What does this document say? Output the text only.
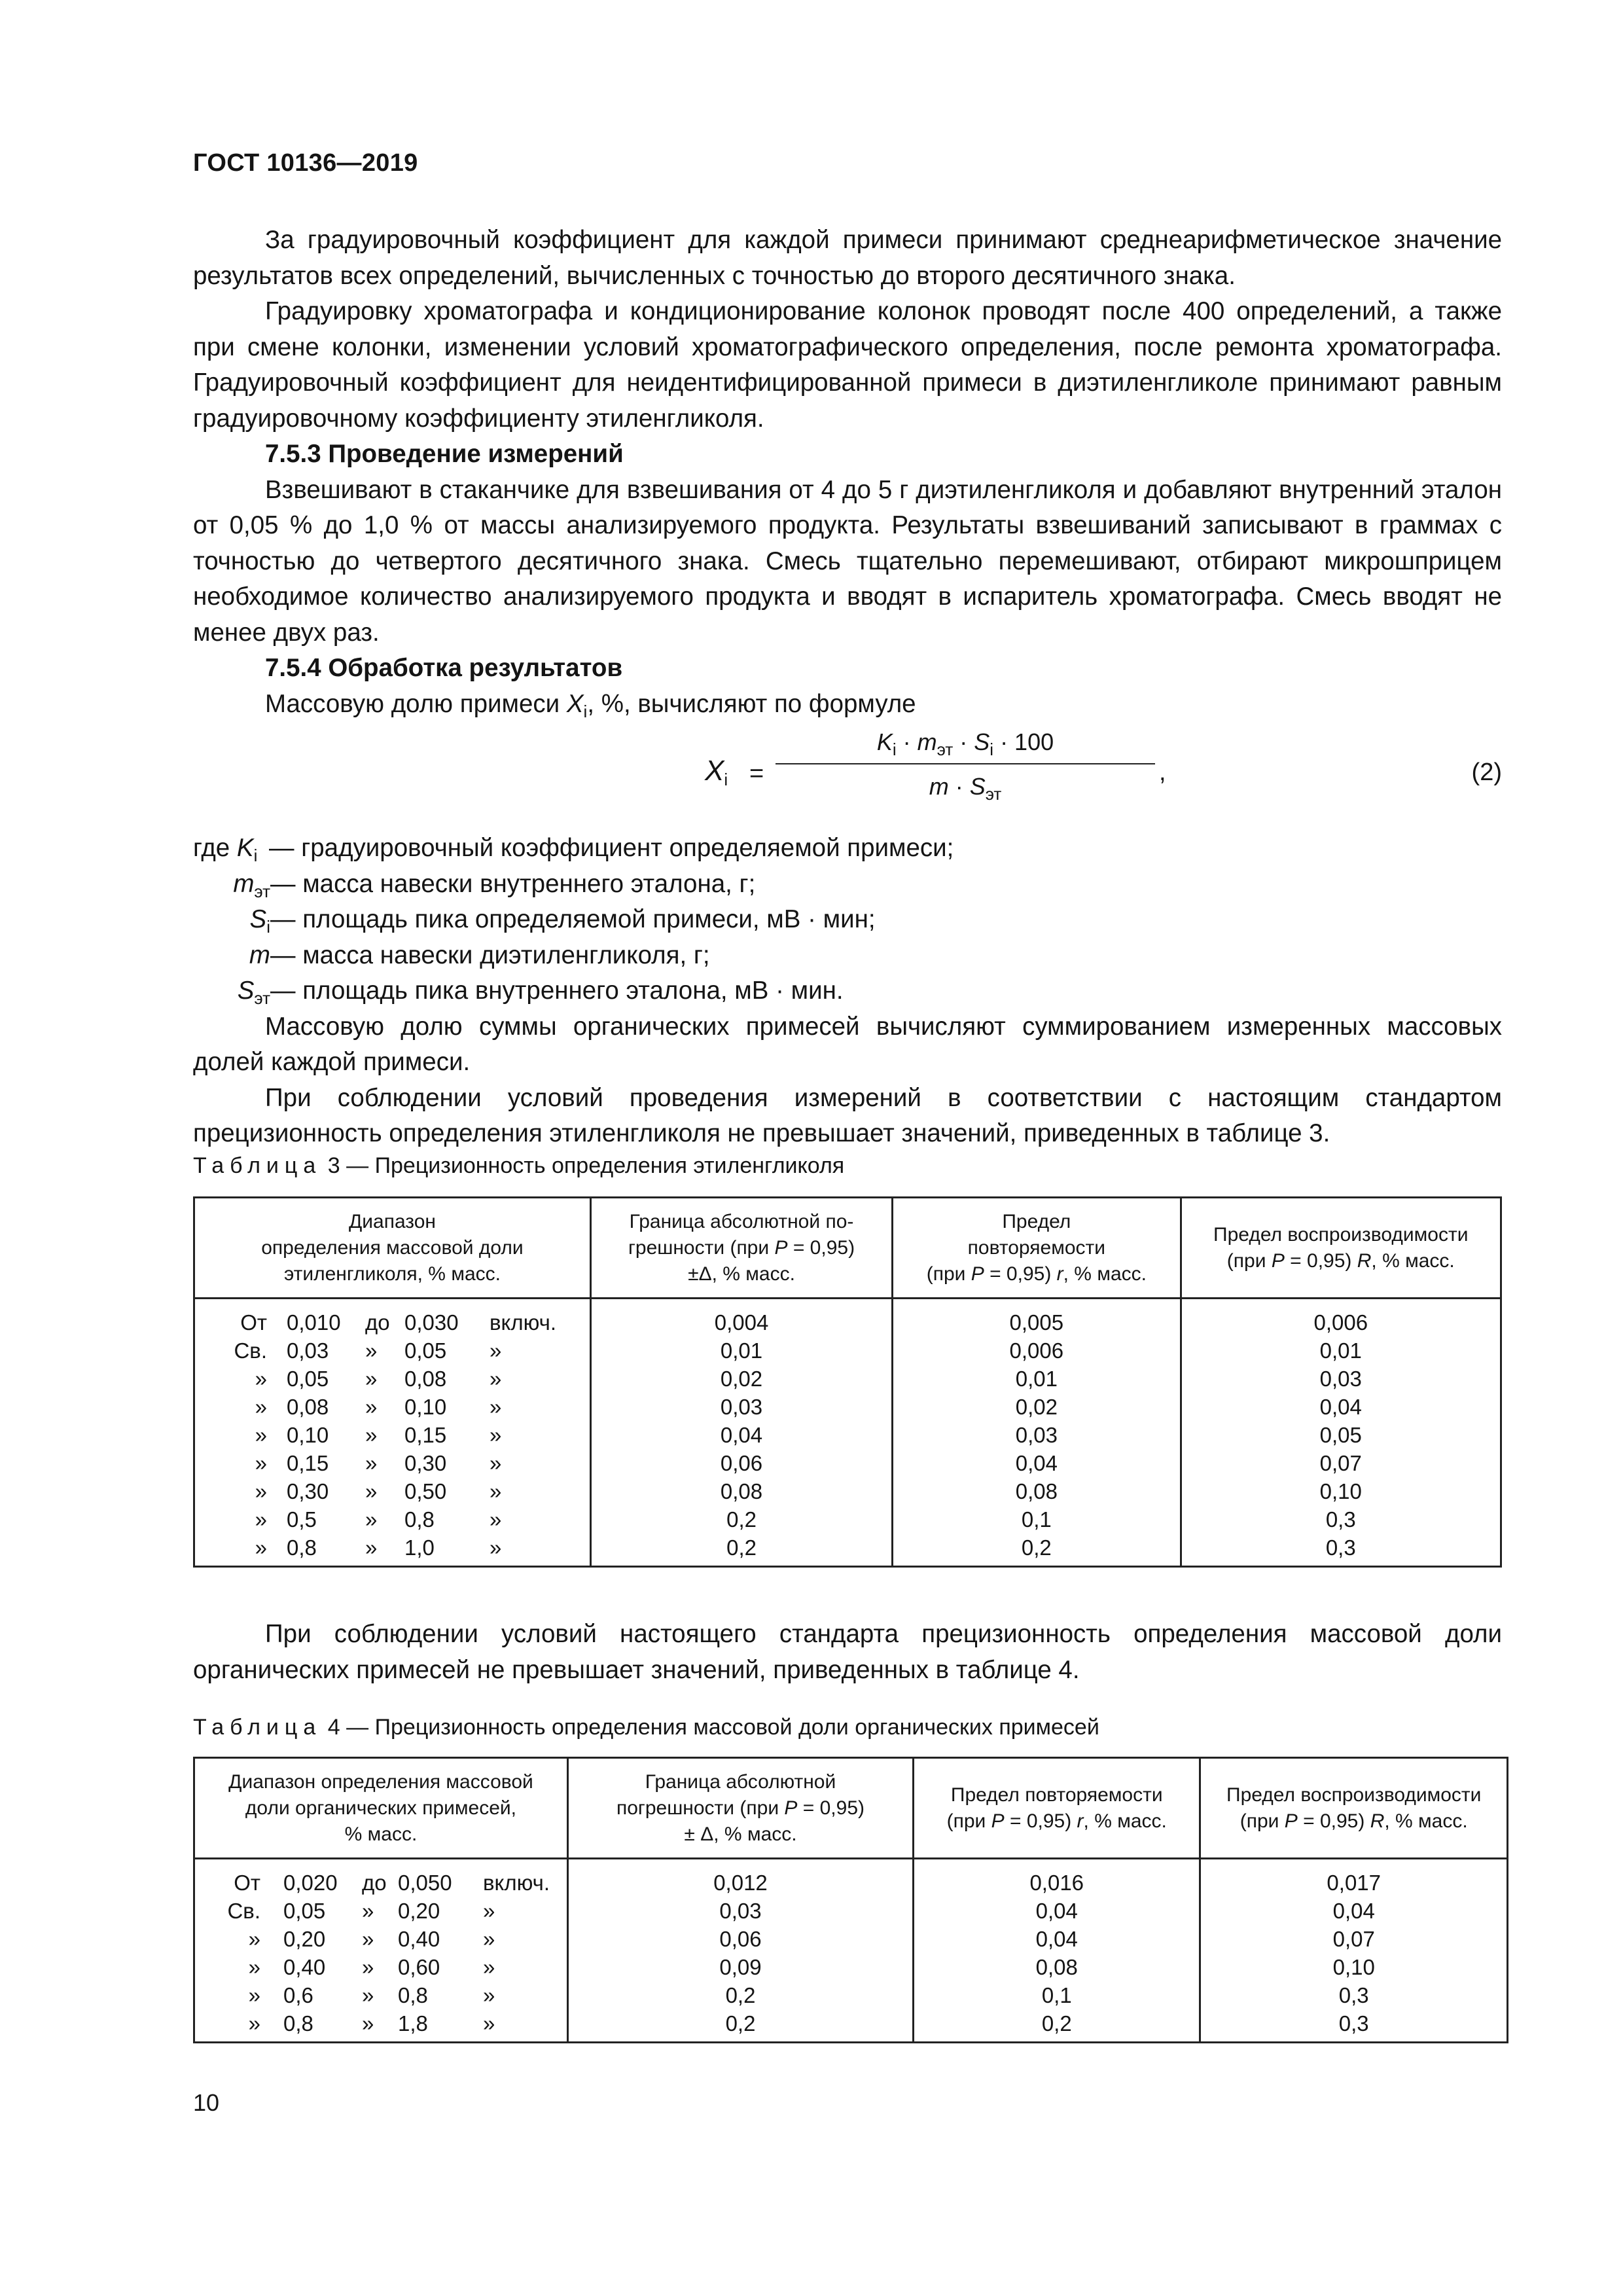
ГОСТ 10136—2019

За градуировочный коэффициент для каждой примеси принимают среднеарифметическое значение результатов всех определений, вычисленных с точностью до второго десятичного знака.

Градуировку хроматографа и кондиционирование колонок проводят после 400 определений, а также при смене колонки, изменении условий хроматографического определения, после ремонта хроматографа. Градуировочный коэффициент для неидентифицированной примеси в диэтиленгликоле принимают равным градуировочному коэффициенту этиленгликоля.

7.5.3 Проведение измерений

Взвешивают в стаканчике для взвешивания от 4 до 5 г диэтиленгликоля и добавляют внутренний эталон от 0,05 % до 1,0 % от массы анализируемого продукта. Результаты взвешиваний записывают в граммах с точностью до четвертого десятичного знака. Смесь тщательно перемешивают, отбирают микрошприцем необходимое количество анализируемого продукта и вводят в испаритель хроматографа. Смесь вводят не менее двух раз.

7.5.4 Обработка результатов

Массовую долю примеси $X_i$, %, вычисляют по формуле

$X_i$ =
$K_i \cdot m_{эт} \cdot S_i \cdot 100$
$m \cdot S_{эт}$
,	(2)
где $K_i$ — градуировочный коэффициент определяемой примеси;
$m_{эт}$ — масса навески внутреннего эталона, г;
$S_i$ — площадь пика определяемой примеси, мВ · мин;
m — масса навески диэтиленгликоля, г;
$S_{эт}$ — площадь пика внутреннего эталона, мВ · мин.

Массовую долю суммы органических примесей вычисляют суммированием измеренных массовых долей каждой примеси.

При соблюдении условий проведения измерений в соответствии с настоящим стандартом прецизионность определения этиленгликоля не превышает значений, приведенных в таблице 3.

Таблица 3 — Прецизионность определения этиленгликоля
Диапазон
определения массовой доли
этиленгликоля, % масс.	Граница абсолютной по-
грешности (при P = 0,95)
±Δ, % масс.	Предел
повторяемости
(при P = 0,95) r, % масс.	Предел воспроизводимости
(при P = 0,95) R, % масс.

От 0,010 до 0,030 включ.	0,004	0,005	0,006

Св. 0,03 » 0,05 »	0,01	0,006	0,01

» 0,05 » 0,08 »	0,02	0,01	0,03

» 0,08 » 0,10 »	0,03	0,02	0,04

» 0,10 » 0,15 »	0,04	0,03	0,05

» 0,15 » 0,30 »	0,06	0,04	0,07

» 0,30 » 0,50 »	0,08	0,08	0,10

» 0,5 » 0,8 »	0,2	0,1	0,3

» 0,8 » 1,0 »	0,2	0,2	0,3

При соблюдении условий настоящего стандарта прецизионность определения массовой доли органических примесей не превышает значений, приведенных в таблице 4.

Таблица 4 — Прецизионность определения массовой доли органических примесей
Диапазон определения массовой
доли органических примесей,
% масс.	Граница абсолютной
погрешности (при P = 0,95)
± Δ, % масс.	Предел повторяемости
(при P = 0,95) r, % масс.	Предел воспроизводимости
(при P = 0,95) R, % масс.

От 0,020 до 0,050 включ.	0,012	0,016	0,017

Св. 0,05 » 0,20 »	0,03	0,04	0,04

» 0,20 » 0,40 »	0,06	0,04	0,07

» 0,40 » 0,60 »	0,09	0,08	0,10

» 0,6 » 0,8 »	0,2	0,1	0,3

» 0,8 » 1,8 »	0,2	0,2	0,3
10
